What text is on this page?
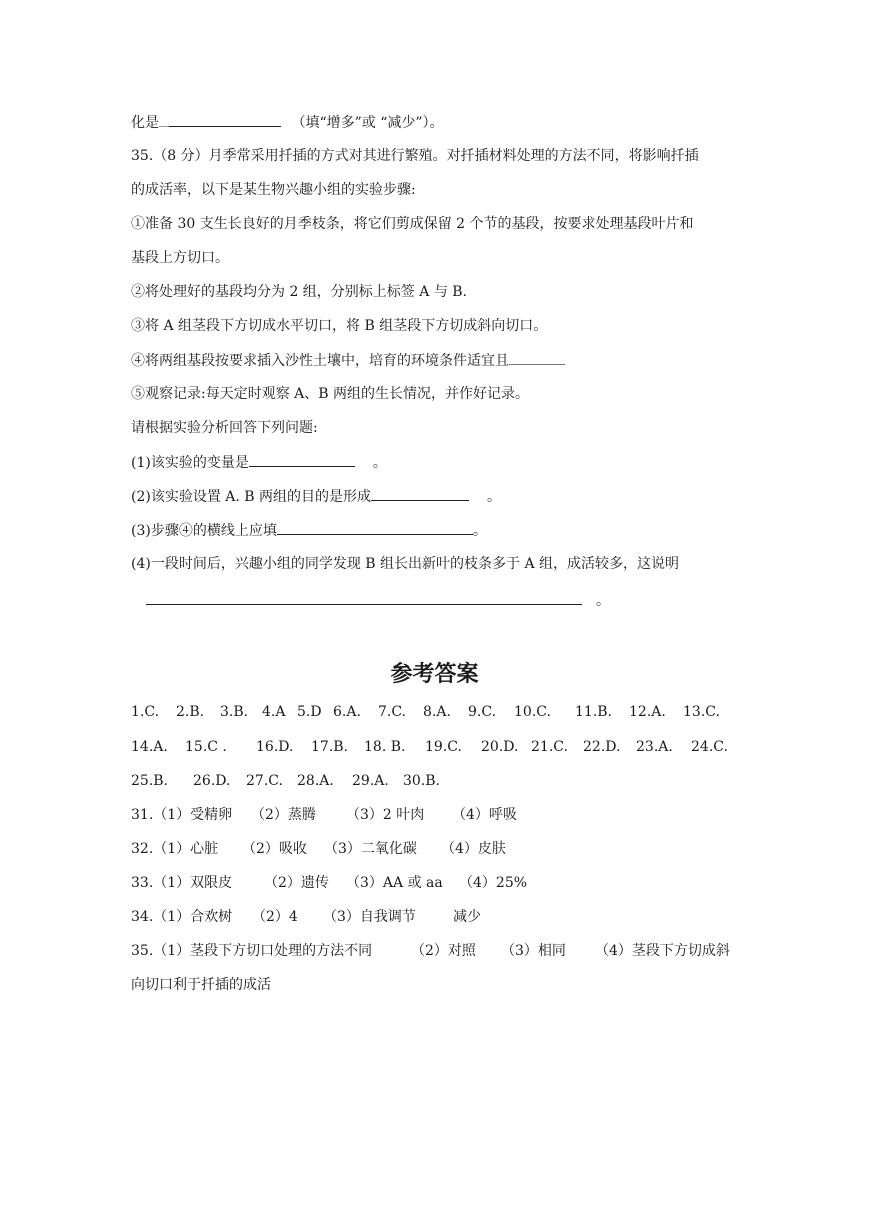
化是	（填“增多”或 “减少”）。
35.（8 分）月季常采用扦插的方式对其进行繁殖。对扦插材料处理的方法不同，将影响扦插
的成活率，以下是某生物兴趣小组的实验步骤:
①准备 30 支生长良好的月季枝条，将它们剪成保留 2 个节的基段，按要求处理基段叶片和
基段上方切口。
②将处理好的基段均分为 2 组，分别标上标签 A 与 B.
③将 A 组茎段下方切成水平切口，将 B 组茎段下方切成斜向切口。
④将两组基段按要求插入沙性土壤中，培育的环境条件适宜且
⑤观察记录:每天定时观察 A、B 两组的生长情况，并作好记录。
请根据实验分析回答下列问题:
(1)该实验的变量是	。
(2)该实验设置 A. B 两组的目的是形成	。
(3)步骤④的横线上应填	。
(4)一段时间后，兴趣小组的同学发现 B 组长出新叶的枝条多于 A 组，成活较多，这说明
。
参考答案
1.C. 2.B. 3.B. 4.A 5.D 6.A. 7.C. 8.A. 9.C. 10.C. 11.B. 12.A. 13.C.
14.A. 15.C . 16.D. 17.B. 18. B. 19.C. 20.D. 21.C. 22.D. 23.A. 24.C.
25.B. 26.D. 27.C. 28.A. 29.A. 30.B.
31.（1）受精卵 （2）蒸腾 （3）2 叶肉 （4）呼吸
32.（1）心脏 （2）吸收 （3）二氧化碳 （4）皮肤
33.（1）双限皮 （2）遗传 （3）AA 或 aa （4）25%
34.（1）合欢树 （2）4 （3）自我调节	减少
35.（1）茎段下方切口处理的方法不同	（2）对照 （3）相同 （4）茎段下方切成斜
向切口利于扦插的成活
